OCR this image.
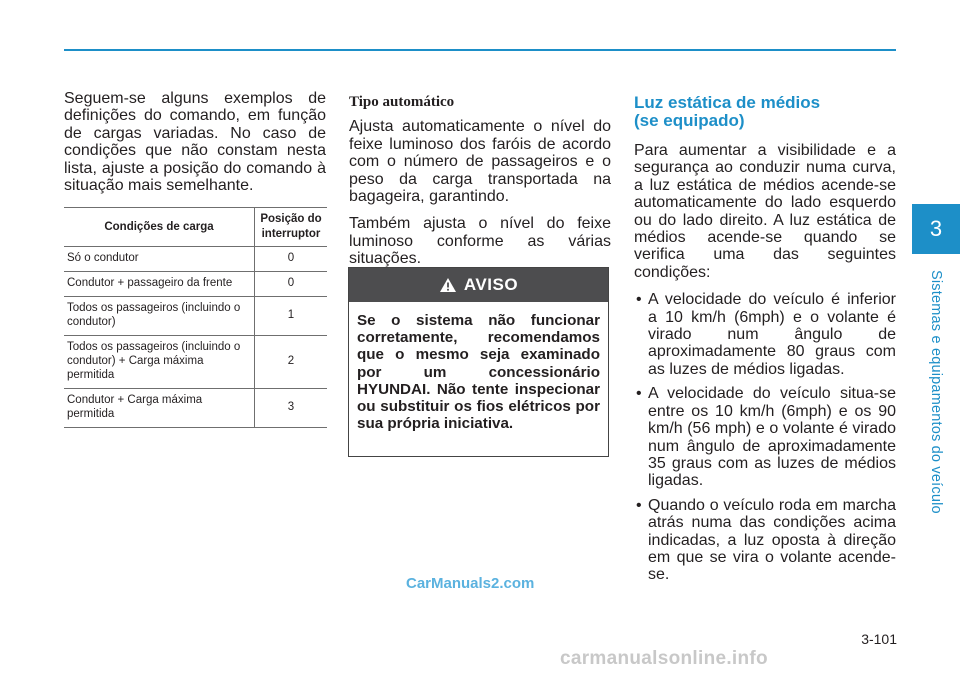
Seguem-se alguns exemplos de definições do comando, em função de cargas variadas. No caso de condições que não constam nesta lista, ajuste a posição do comando à situação mais semelhante.

Condições de carga	Posição do interruptor
Só o condutor	0
Condutor + passageiro da frente	0
Todos os passageiros (incluindo o condutor)	1
Todos os passageiros (incluindo o condutor) + Carga máxima permitida	2
Condutor + Carga máxima permitida	3
Tipo automático

Ajusta automaticamente o nível do feixe luminoso dos faróis de acordo com o número de passageiros e o peso da carga transportada na bagageira, garantindo.

Também ajusta o nível do feixe luminoso conforme as várias situações.

AVISO
Se o sistema não funcionar corretamente, recomendamos que o mesmo seja examinado por um concessionário HYUNDAI. Não tente inspecionar ou substituir os fios elétricos por sua própria iniciativa.
Luz estática de médios
(se equipado)

Para aumentar a visibilidade e a segurança ao conduzir numa curva, a luz estática de médios acende-se automaticamente do lado esquerdo ou do lado direito. A luz estática de médios acende-se quando se verifica uma das seguintes condições:

• A velocidade do veículo é inferior a 10 km/h (6mph) e o volante é virado num ângulo de aproximadamente 80 graus com as luzes de médios ligadas.
• A velocidade do veículo situa-se entre os 10 km/h (6mph) e os 90 km/h (56 mph) e o volante é virado num ângulo de aproximadamente 35 graus com as luzes de médios ligadas.
• Quando o veículo roda em marcha atrás numa das condições acima indicadas, a luz oposta à direção em que se vira o volante acende-se.
3
Sistemas e equipamentos do veículo
3-101
CarManuals2.com
carmanualsonline.info
